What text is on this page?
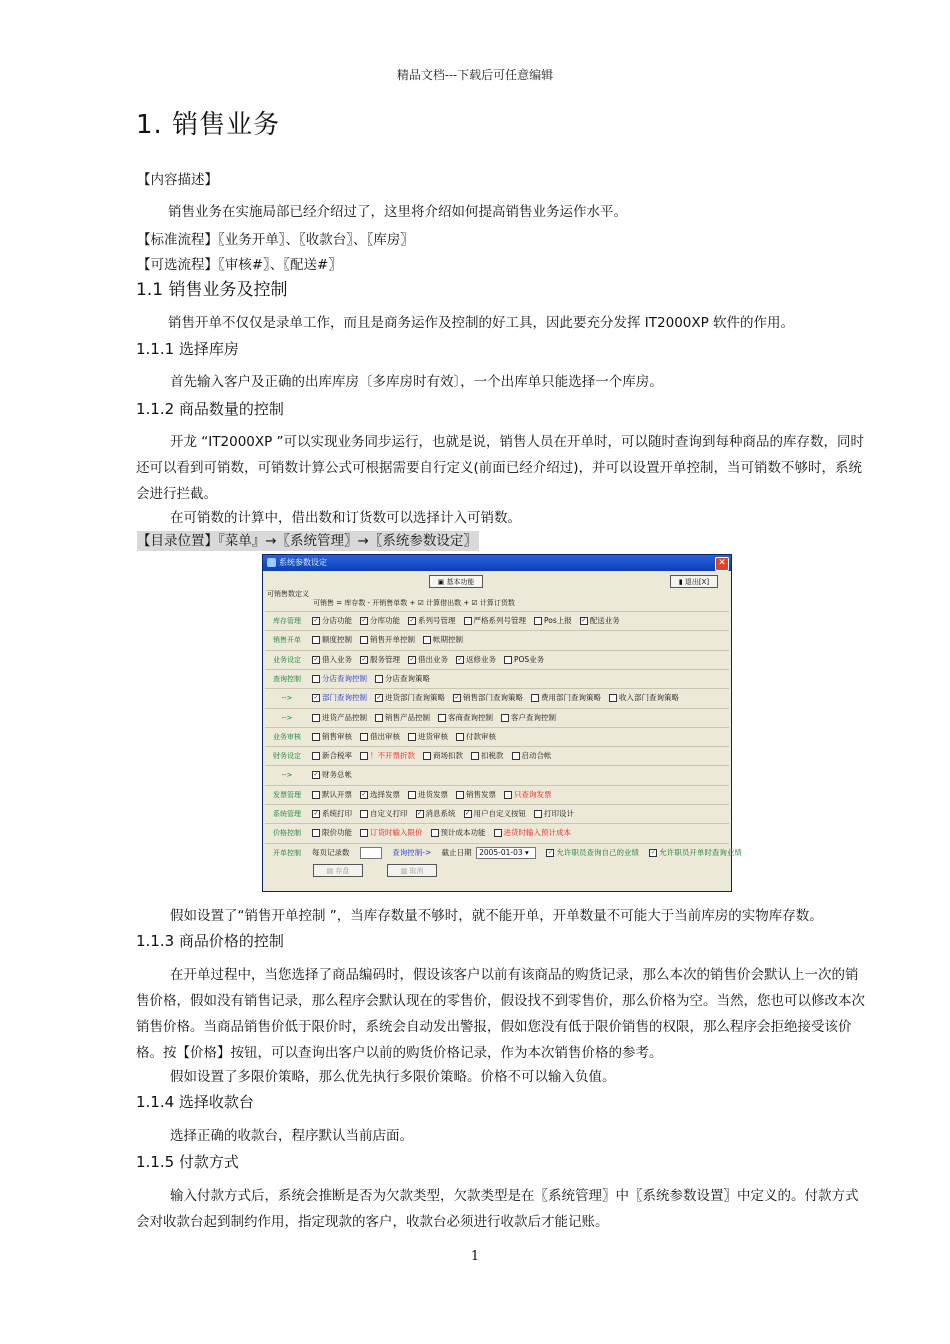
精品文档---下载后可任意编辑
1. 销售业务
【内容描述】
销售业务在实施局部已经介绍过了，这里将介绍如何提高销售业务运作水平。
【标准流程】〖业务开单〗、〖收款台〗、〖库房〗
【可选流程】〖审核#〗、〖配送#〗
1.1 销售业务及控制
销售开单不仅仅是录单工作，而且是商务运作及控制的好工具，因此要充分发挥 IT2000XP 软件的作用。
1.1.1 选择库房
首先输入客户及正确的出库库房〔多库房时有效〕，一个出库单只能选择一个库房。
1.1.2 商品数量的控制
开龙 “IT2000XP ”可以实现业务同步运行，也就是说，销售人员在开单时，可以随时查询到每种商品的库存数，同时还可以看到可销数，可销数计算公式可根据需要自行定义(前面已经介绍过)，并可以设置开单控制，当可销数不够时，系统会进行拦截。
在可销数的计算中，借出数和订货数可以选择计入可销数。
【目录位置】『菜单』→〖系统管理〗→〖系统参数设定〗
系统参数设定	✕
▣ 基本功能	▮ 退出[X]
可销售数定义
可销售 = 库存数 - 开销售单数 + ☑ 计算借出数 + ☑ 计算订货数
库存管理	✓ 分店功能 ✓ 分库功能 ✓ 系列号管理 严格系列号管理 Pos上报 ✓ 配送业务
销售开单	额度控制 销售开单控制 帐期控制
业务设定	✓ 借入业务 ✓ 服务管理 ✓ 借出业务 ✓ 返修业务 POS业务
查询控制	分店查询控制 分店查询策略
-->	✓ 部门查询控制 ✓ 进货部门查询策略 ✓ 销售部门查询策略 费用部门查询策略 收入部门查询策略
-->	进货产品控制 销售产品控制 客商查询控制 客户查询控制
业务审核	销售审核 借出审核 进货审核 付款审核
财务设定	新合税率 ！不开票折款 商场扣款 扣税款 启动合帐
-->	✓ 财务总帐
发票管理	默认开票 ✓ 选择发票 进货发票 销售发票 只查询发票
系统管理	✓ 系统打印 自定义打印 ✓ 消息系统 ✓ 用户自定义按钮 打印设计
价格控制	限价功能 订货时输入限价 预计成本功能 进货时输入预计成本
开单控制	每页记录数	查询控制-> 截止日期 2005-01-03 ▾	✓ 允许职员查询自己的业绩 ✓ 允许职员开单时查询业绩
▤ 存盘	▥ 取消
假如设置了“销售开单控制 ”，当库存数量不够时，就不能开单，开单数量不可能大于当前库房的实物库存数。
1.1.3 商品价格的控制
在开单过程中，当您选择了商品编码时，假设该客户以前有该商品的购货记录，那么本次的销售价会默认上一次的销售价格，假如没有销售记录，那么程序会默认现在的零售价，假设找不到零售价，那么价格为空。当然，您也可以修改本次销售价格。当商品销售价低于限价时，系统会自动发出警报，假如您没有低于限价销售的权限，那么程序会拒绝接受该价格。按【价格】按钮，可以查询出客户以前的购货价格记录，作为本次销售价格的参考。
假如设置了多限价策略，那么优先执行多限价策略。价格不可以输入负值。
1.1.4 选择收款台
选择正确的收款台，程序默认当前店面。
1.1.5 付款方式
输入付款方式后，系统会推断是否为欠款类型，欠款类型是在〖系统管理〗中〖系统参数设置〗中定义的。付款方式会对收款台起到制约作用，指定现款的客户，收款台必须进行收款后才能记账。
1
